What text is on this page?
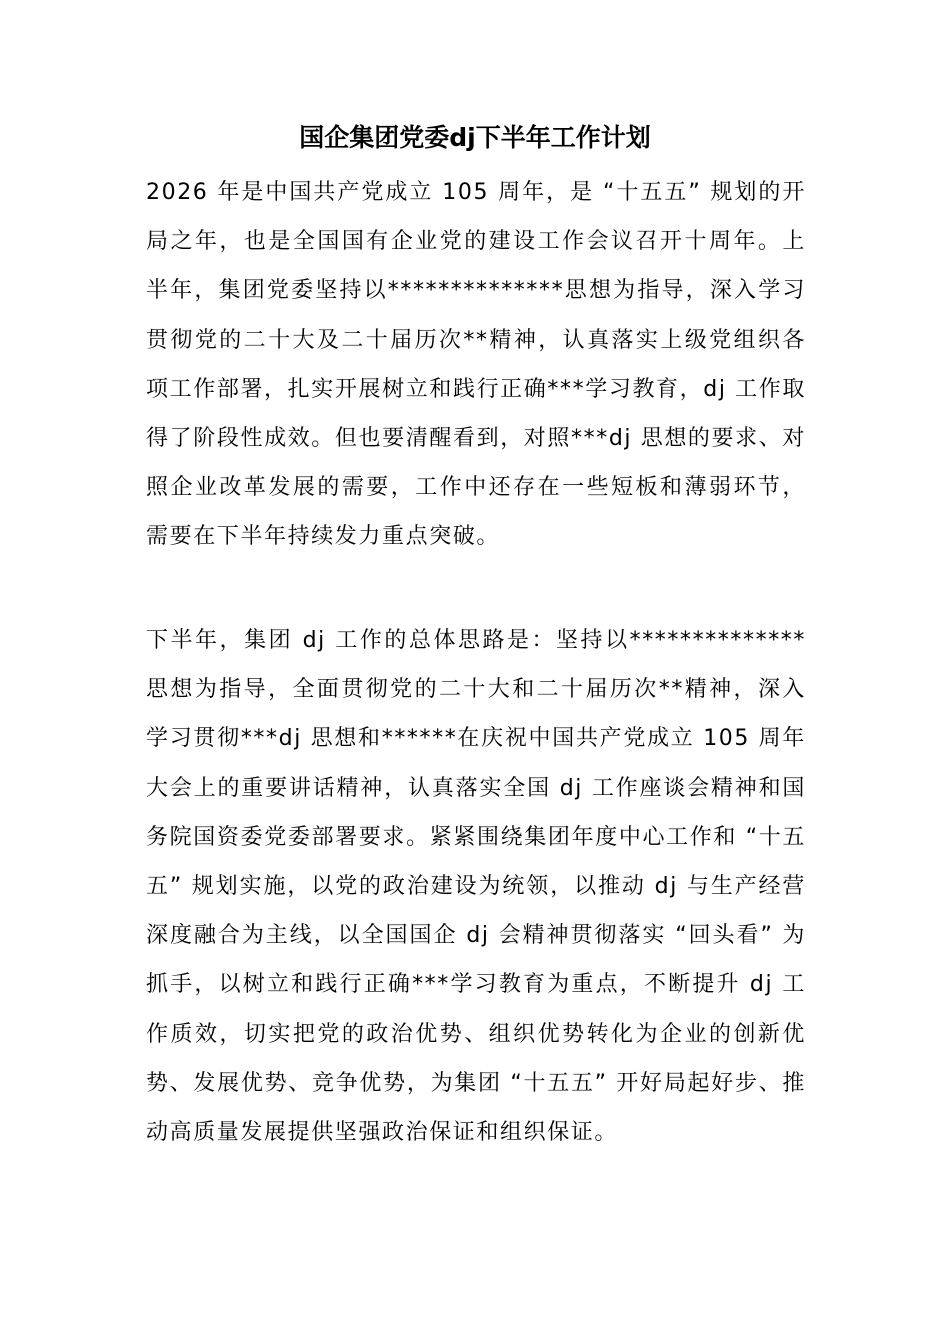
国企集团党委dj下半年工作计划

2026 年是中国共产党成立 105 周年，是 “十五五” 规划的开局之年，也是全国国有企业党的建设工作会议召开十周年。上半年，集团党委坚持以**************思想为指导，深入学习贯彻党的二十大及二十届历次**精神，认真落实上级党组织各项工作部署，扎实开展树立和践行正确***学习教育，dj 工作取得了阶段性成效。但也要清醒看到，对照***dj 思想的要求、对照企业改革发展的需要，工作中还存在一些短板和薄弱环节，需要在下半年持续发力重点突破。

下半年，集团 dj 工作的总体思路是：坚持以**************思想为指导，全面贯彻党的二十大和二十届历次**精神，深入学习贯彻***dj 思想和******在庆祝中国共产党成立 105 周年大会上的重要讲话精神，认真落实全国 dj 工作座谈会精神和国务院国资委党委部署要求。紧紧围绕集团年度中心工作和 “十五五” 规划实施，以党的政治建设为统领，以推动 dj 与生产经营深度融合为主线，以全国国企 dj 会精神贯彻落实 “回头看” 为抓手，以树立和践行正确***学习教育为重点，不断提升 dj 工作质效，切实把党的政治优势、组织优势转化为企业的创新优势、发展优势、竞争优势，为集团 “十五五” 开好局起好步、推动高质量发展提供坚强政治保证和组织保证。
